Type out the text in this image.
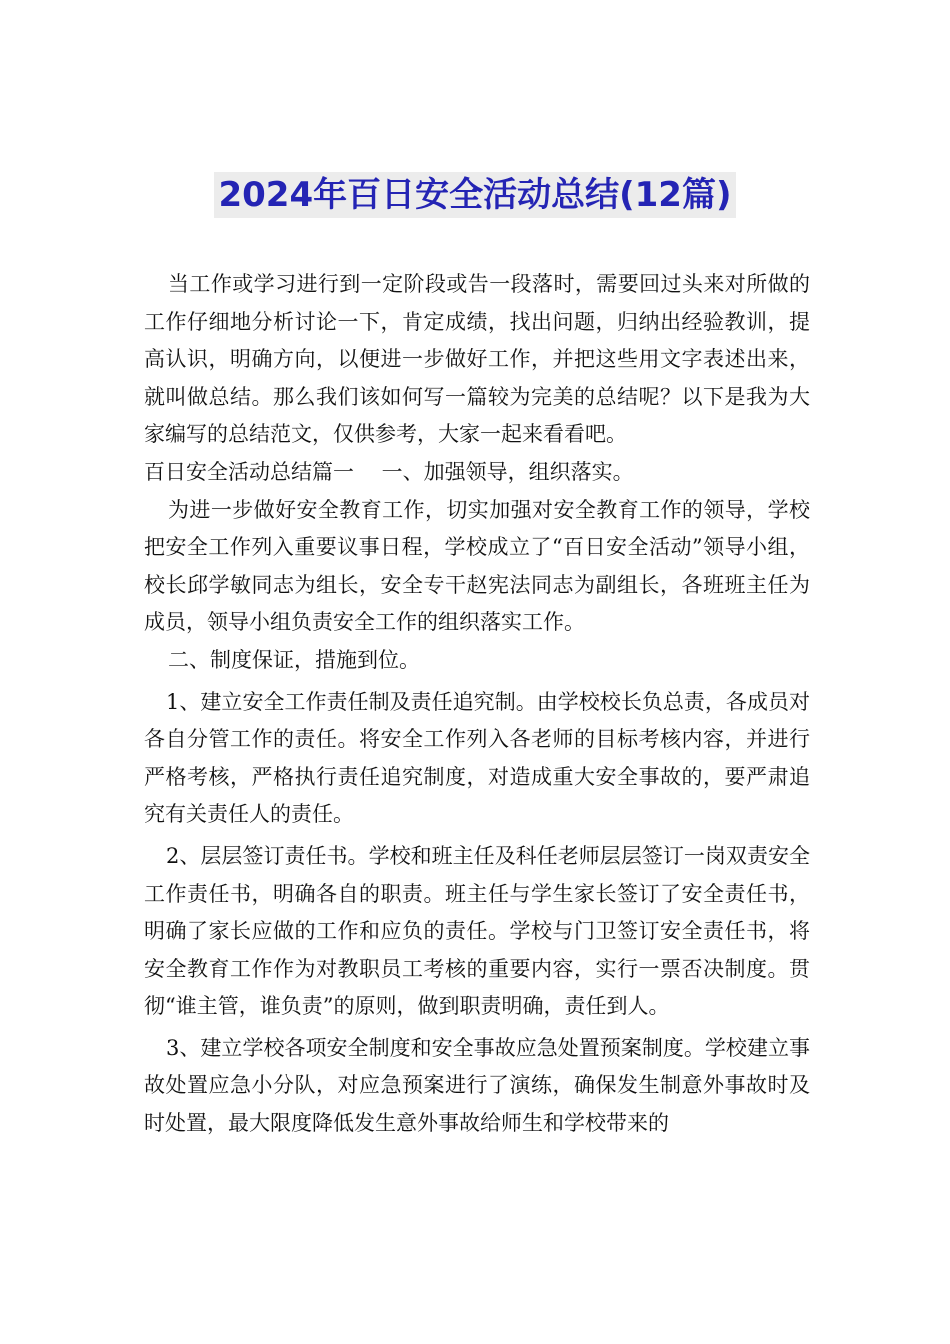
2024年百日安全活动总结(12篇)

当工作或学习进行到一定阶段或告一段落时，需要回过头来对所做的工作仔细地分析讨论一下，肯定成绩，找出问题，归纳出经验教训，提高认识，明确方向，以便进一步做好工作，并把这些用文字表述出来，就叫做总结。那么我们该如何写一篇较为完美的总结呢？以下是我为大家编写的总结范文，仅供参考，大家一起来看看吧。

百日安全活动总结篇一　 一、加强领导，组织落实。

为进一步做好安全教育工作，切实加强对安全教育工作的领导，学校把安全工作列入重要议事日程，学校成立了“百日安全活动”领导小组，校长邱学敏同志为组长，安全专干赵宪法同志为副组长，各班班主任为成员，领导小组负责安全工作的组织落实工作。

二、制度保证，措施到位。

1、建立安全工作责任制及责任追究制。由学校校长负总责，各成员对各自分管工作的责任。将安全工作列入各老师的目标考核内容，并进行严格考核，严格执行责任追究制度，对造成重大安全事故的，要严肃追究有关责任人的责任。

2、层层签订责任书。学校和班主任及科任老师层层签订一岗双责安全工作责任书，明确各自的职责。班主任与学生家长签订了安全责任书，明确了家长应做的工作和应负的责任。学校与门卫签订安全责任书，将安全教育工作作为对教职员工考核的重要内容，实行一票否决制度。贯彻“谁主管，谁负责”的原则，做到职责明确，责任到人。

3、建立学校各项安全制度和安全事故应急处置预案制度。学校建立事故处置应急小分队，对应急预案进行了演练，确保发生制意外事故时及时处置，最大限度降低发生意外事故给师生和学校带来的
